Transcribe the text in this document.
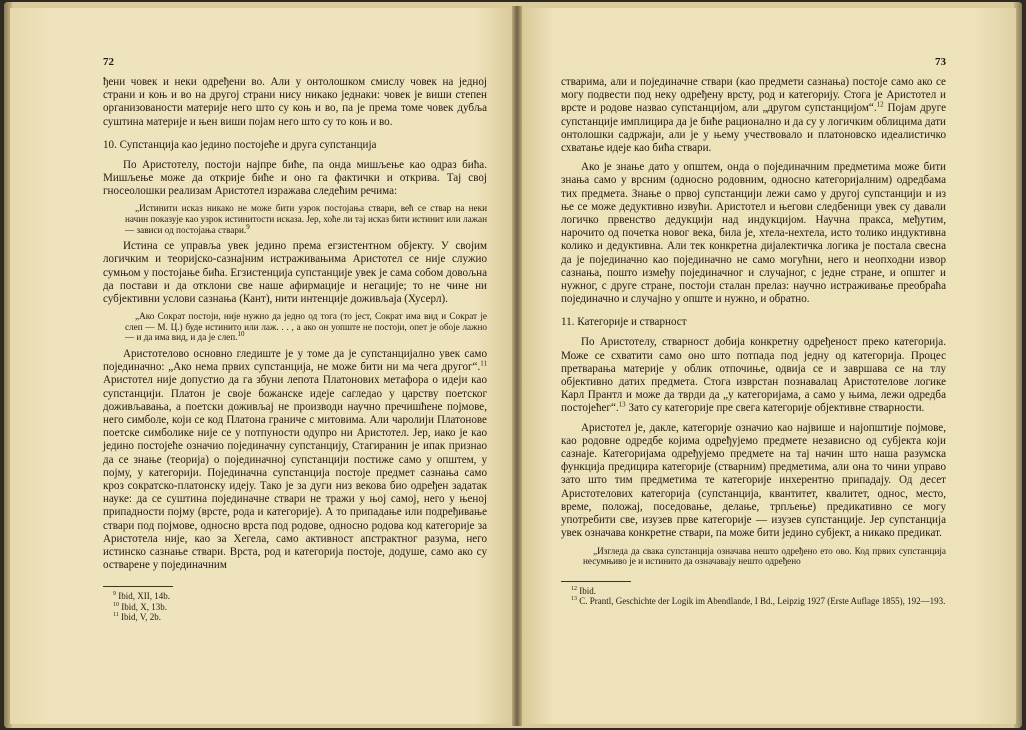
72

ђени човек и неки одређени во. Али у онтолошком смислу човек на једној страни и коњ и во на другој страни нису никако једнаки: човек је виши степен организованости материје него што су коњ и во, па је према томе човек дубља суштина материје и њен виши појам него што су то коњ и во.

10. Супстанција као једино постојеће и друга супстанција

По Аристотелу, постоји најпре биће, па онда мишљење као одраз бића. Мишљење може да открије биће и оно га фактички и открива. Тај свој гносеолошки реализам Аристотел изражава следећим речима:

„Истинити исказ никако не може бити узрок постојања ствари, већ се ствар на неки начин показује као узрок истинитости исказа. Јер, хоће ли тај исказ бити истинит или лажан — зависи од постојања ствари.$^9$

Истина се управља увек једино према егзистентном објекту. У својим логичким и теоријско-сазнајним истраживањима Аристотел се није служио сумњом у постојање бића. Егзистенција супстанције увек је сама собом довољна да постави и да отклони све наше афирмације и негације; то не чине ни субјективни услови сазнања (Кант), нити интенције доживљаја (Хусерл).

„Ако Сократ постоји, није нужно да једно од тога (то јест, Сократ има вид и Сократ је слеп — М. Ц.) буде истинито или лаж. . . , а ако он уопште не постоји, опет је обоје лажно — и да има вид, и да је слеп.$^{10}$

Аристотелово основно гледиште је у томе да је супстанцијално увек само појединачно: „Ако нема првих супстанција, не може бити ни ма чега другог“.$^{11}$ Аристотел није допустио да га збуни лепота Платонових метафора о идеји као супстанцији. Платон је своје божанске идеје сагледао у царству поетског доживљавања, а поетски доживљај не производи научно пречишћене појмове, него симболе, који се код Платона граниче с митовима. Али чаролији Платонове поетске симболике није се у потпуности одупро ни Аристотел. Јер, иако је као једино постојеће означио појединачну супстанцију, Стагиранин је ипак признао да се знање (теорија) о појединачној супстанцији постиже само у општем, у појму, у категорији. Појединачна супстанција постоје предмет сазнања само кроз сократско-платонску идеју. Тако је за дуги низ векова био одређен задатак науке: да се суштина појединачне ствари не тражи у њој самој, него у њеној припадности појму (врсте, рода и категорије). А то припадање или подређивање ствари под појмове, односно врста под родове, односно родова код категорије за Аристотела није, као за Хегела, само активност апстрактног разума, него истинско сазнање ствари. Врста, род и категорија постоје, додуше, само ако су остварене у појединачним

$^9$ Ibid, XII, 14b.
$^{10}$ Ibid, X, 13b.
$^{11}$ Ibid, V, 2b.
73

стварима, али и појединачне ствари (као предмети сазнања) постоје само ако се могу подвести под неку одређену врсту, род и категорију. Стога је Аристотел и врсте и родове назвао супстанцијом, али „другом супстанцијом“.$^{12}$ Појам друге супстанције имплицира да је биће рационално и да су у логичким облицима дати онтолошки садржаји, али је у њему учествовало и платоновско идеалистичко схватање идеје као бића ствари.

Ако је знање дато у општем, онда о појединачним предметима може бити знања само у врсним (односно родовним, односно категоријалним) одредбама тих предмета. Знање о првој супстанцији лежи само у другој супстанцији и из ње се може дедуктивно извући. Аристотел и његови следбеници увек су давали логичко првенство дедукцији над индукцијом. Научна пракса, међутим, нарочито од почетка новог века, била је, хтела-нехтела, исто толико индуктивна колико и дедуктивна. Али тек конкретна дијалектичка логика је постала свесна да је појединачно као појединачно не само могућни, него и неопходни извор сазнања, пошто између појединачног и случајног, с једне стране, и општег и нужног, с друге стране, постоји сталан прелаз: научно истраживање преобраћа појединачно и случајно у опште и нужно, и обратно.

11. Категорије и стварност

По Аристотелу, стварност добија конкретну одређеност преко категорија. Може се схватити само оно што потпада под једну од категорија. Процес претварања материје у облик отпочиње, одвија се и завршава се на тлу објективно датих предмета. Стога изврстан познавалац Аристотелове логике Карл Прантл и може да тврди да „у категоријама, а само у њима, лежи одредба постојећег“.$^{13}$ Зато су категорије пре свега категорије објективне стварности.

Аристотел је, дакле, категорије означио као највише и најопштије појмове, као родовне одредбе којима одређујемо предмете независно од субјекта који сазнаје. Категоријама одређујемо предмете на тај начин што наша разумска функција предицира категорије (стварним) предметима, али она то чини управо зато што тим предметима те категорије инхерентно припадају. Од десет Аристотелових категорија (супстанција, квантитет, квалитет, однос, место, време, положај, поседовање, делање, трпљење) предикативно се могу употребити све, изузев прве категорије — изузев супстанције. Јер супстанција увек означава конкретне ствари, па може бити једино субјект, а никако предикат.

„Изгледа да свака супстанција означава нешто одређено ето ово. Код првих супстанција несумњиво је и истинито да означавају нешто одређено
$^{12}$ Ibid.
$^{13}$ C. Prantl, Geschichte der Logik im Abendlande, I Bd., Leipzig 1927 (Erste Auflage 1855), 192—193.
